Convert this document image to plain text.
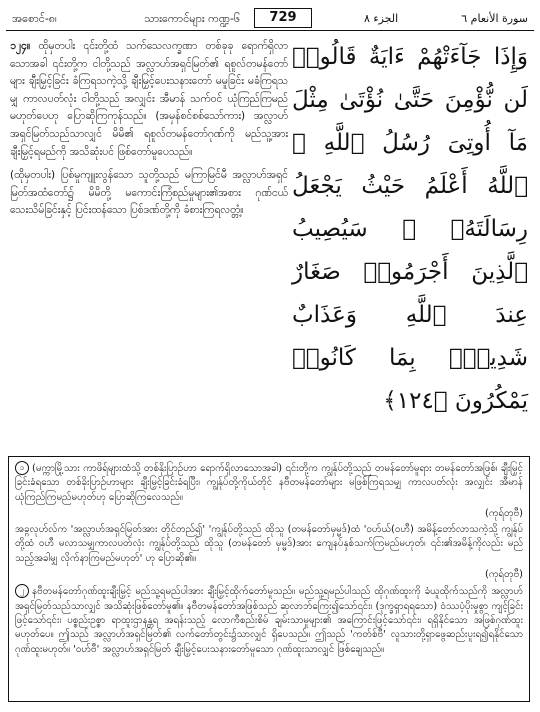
အစောင်-၈၊	သားကောင်များ ကဏ္ဍ-၆	729	الجزء ٨	سورة الأنعام ٦

၁၂၄။ ထိုမှတပါး ၎င်းတို့ထံ သက်သေလက္ခဏာ တစ်ခုခု ရောက်ရှိလာသောအခါ ၎င်းတို့က ငါတို့သည် အလ္လာဟ်အရှင်မြတ်၏ ရစူလ်တမန်တော်များ ချီးမြှင့်ခြင်း ခံကြရသကဲ့သို့ ချီးမြှင့်ပေးသနားတော် မမူခြင်း မခံကြရသမျှ ကာလပတ်လုံး ငါတို့သည် အလျှင်း အီမာန် သက်ဝင် ယုံကြည်ကြမည်မဟုတ်ပေဟု ပြောဆိုကြကုန်သည်။ (အမှန်စင်စစ်သော်ကား) အလ္လာဟ်အရှင်မြတ်သည်သာလျှင် မိမိ၏ ရစူလ်တမန်တော်ဂုဏ်ကို မည်သူ့အား ချီးမြှင့်ရမည်ကို အသိဆုံးပင် ဖြစ်တော်မူပေသည်။

(ထိုမှတပါး) ပြစ်မှုကျူးလွန်သော သူတို့သည် မကြာမြင်မီ အလ္လာဟ်အရှင်မြတ်အထံတော်၌ မိမိတို့ မကောင်းကြံစည်မှုများ၏အစား ဂုဏ်ငယ်သေးသိမ်ခြင်းနှင့် ပြင်းထန်သော ပြစ်ဒဏ်တို့ကို ခံစားကြရလတ္တံ့။

وَإِذَا جَآءَتْهُمْ ءَايَةٌ قَالُوا۟ لَن نُّؤْمِنَ حَتَّىٰ نُؤْتَىٰ مِثْلَ مَآ أُوتِىَ رُسُلُ ٱللَّهِ ۘ ٱللَّهُ أَعْلَمُ حَيْثُ يَجْعَلُ رِسَالَتَهُۥ ۗ سَيُصِيبُ ٱلَّذِينَ أَجْرَمُوا۟ صَغَارٌ عِندَ ٱللَّهِ وَعَذَابٌ شَدِيدٌۢ بِمَا كَانُوا۟ يَمْكُرُونَ ﴿١٢٤﴾

၁ (မက္ကာမြို့သား ကာဖိရ်များထံသို့ တစ်နိုးပြာဥ်ဟာ ရောက်ရှိလာသောအခါ) ၎င်းတို့က ကျွန်ုပ်တို့သည် တမန်တော်မူရား တမန်တော်အဖြစ်၊ ချီးမြှင့်ခြင်းခံရသော တစ်ခိုးပြာဥ်ဟာများ ချီးမြှင့်ခြင်းခံရပြီး၊ ကျွန်ုပ်တို့ကိုယ်တိုင် နဗီတမန်တော်များ မဖြစ်ကြရသမျှ ကာလပတ်လုံး အလျှင်း အီမာန်ယုံကြည်ကြမည်မဟုတ်ဟု ပြောဆိုကြလေသည်။

(ကုရ်တုဗီ)

အခ္ဂလုဟ်လ်က 'အလ္လာဟ်အရှင်မြတ်အား တိုင်တည်၍' 'ကျွန်ုပ်တို့သည် ထိုသူ (တမန်တော်မှမ္မဒ်)ထံ 'ဝဟ်ယ်(ဝဟီ) အမိန့်တော်လာသကဲ့သို့ ကျွန်ုပ်တို့ထံ ဝဟီ မလာသမျှကာလပတ်လုံး ကျွန်ုပ်တို့သည် ထိုသူ (တမန်တော် မှမ္မဒ်)အား ကျေနပ်နှစ်သက်ကြမည်မဟုတ်၊ ၎င်း၏အမိန့်ကိုလည်း မည်သည့်အခါမျှ လိုက်နာကြမည်မဟုတ်' ဟု ပြောဆို၏။

(ကုရ်တုဗီ)

၂ နဗီတမန်တော်ဂုဏ်ထူးချီးမြှင့် မည်သူ့ရမည်ပါအား ချီးမြှင့်ထိုက်တော်မူသည်။ မည်သူ့ရမည်ပါသည် ထိုဂုဏ်ထူးကို ခံယူထိုက်သည်ကို အလ္လာဟ်အရှင်မြတ်သည်သာလျှင် အသိဆုံးဖြစ်တော်မူ၏။ နဗီတမန်တော်အဖြစ်သည် ဆုလာဘ်ကြေး၍သော်၎င်း၊ (ဒုက္ခရှာရရသော) ဝံဿပံ့ပိုးမှုစွာ ကျင့်ခြင်းဖြင့်သော်၎င်း၊ ပစ္စည်းဥစ္စာ ရာထူးဌာနန္တရ အရန်းသည့် လောကီစည်းစိမ် ချမ်းသာမှုများ၏ အကြောင်းဖြင့်သော်၎င်း၊ ရရှိနိုင်သော အဖြစ်ဂုဏ်ထူးမဟုတ်ပေ။ ဤသည် အလ္လာဟ်အရှင်မြတ်၏ လက်တော်တွင်း၌သာလျှင် ရှိပေသည်။ ဤသည် 'ကတ်စ်ဗီ' လူသားတို့ရှာဖွေဆည်းပူးရ၍ရနိုင်သော ဂုဏ်ထူးမဟုတ်။ 'ဝဟ်ဗီ' အလ္လာဟ်အရှင်မြတ် ချီးမြှင့်ပေးသနားတော်မူသော ဂုဏ်ထူးသာလျှင် ဖြစ်ချေသည်။
